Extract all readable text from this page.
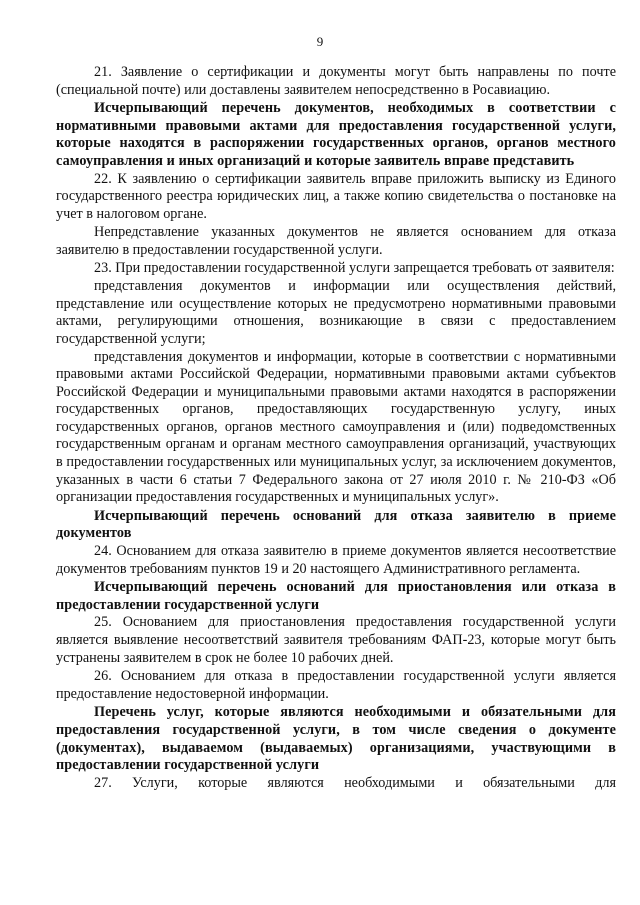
9

21. Заявление о сертификации и документы могут быть направлены по почте (специальной почте) или доставлены заявителем непосредственно в Росавиацию.

Исчерпывающий перечень документов, необходимых в соответствии с нормативными правовыми актами для предоставления государственной услуги, которые находятся в распоряжении государственных органов, органов местного самоуправления и иных организаций и которые заявитель вправе представить

22. К заявлению о сертификации заявитель вправе приложить выписку из Единого государственного реестра юридических лиц, а также копию свидетельства о постановке на учет в налоговом органе.

Непредставление указанных документов не является основанием для отказа заявителю в предоставлении государственной услуги.

23. При предоставлении государственной услуги запрещается требовать от заявителя:

представления документов и информации или осуществления действий, представление или осуществление которых не предусмотрено нормативными правовыми актами, регулирующими отношения, возникающие в связи с предоставлением государственной услуги;

представления документов и информации, которые в соответствии с нормативными правовыми актами Российской Федерации, нормативными правовыми актами субъектов Российской Федерации и муниципальными правовыми актами находятся в распоряжении государственных органов, предоставляющих государственную услугу, иных государственных органов, органов местного самоуправления и (или) подведомственных государственным органам и органам местного самоуправления организаций, участвующих в предоставлении государственных или муниципальных услуг, за исключением документов, указанных в части 6 статьи 7 Федерального закона от 27 июля 2010 г. № 210-ФЗ «Об организации предоставления государственных и муниципальных услуг».

Исчерпывающий перечень оснований для отказа заявителю в приеме документов

24. Основанием для отказа заявителю в приеме документов является несоответствие документов требованиям пунктов 19 и 20 настоящего Административного регламента.

Исчерпывающий перечень оснований для приостановления или отказа в предоставлении государственной услуги

25. Основанием для приостановления предоставления государственной услуги является выявление несоответствий заявителя требованиям ФАП-23, которые могут быть устранены заявителем в срок не более 10 рабочих дней.

26. Основанием для отказа в предоставлении государственной услуги является предоставление недостоверной информации.

Перечень услуг, которые являются необходимыми и обязательными для предоставления государственной услуги, в том числе сведения о документе (документах), выдаваемом (выдаваемых) организациями, участвующими в предоставлении государственной услуги

27. Услуги, которые являются необходимыми и обязательными для
